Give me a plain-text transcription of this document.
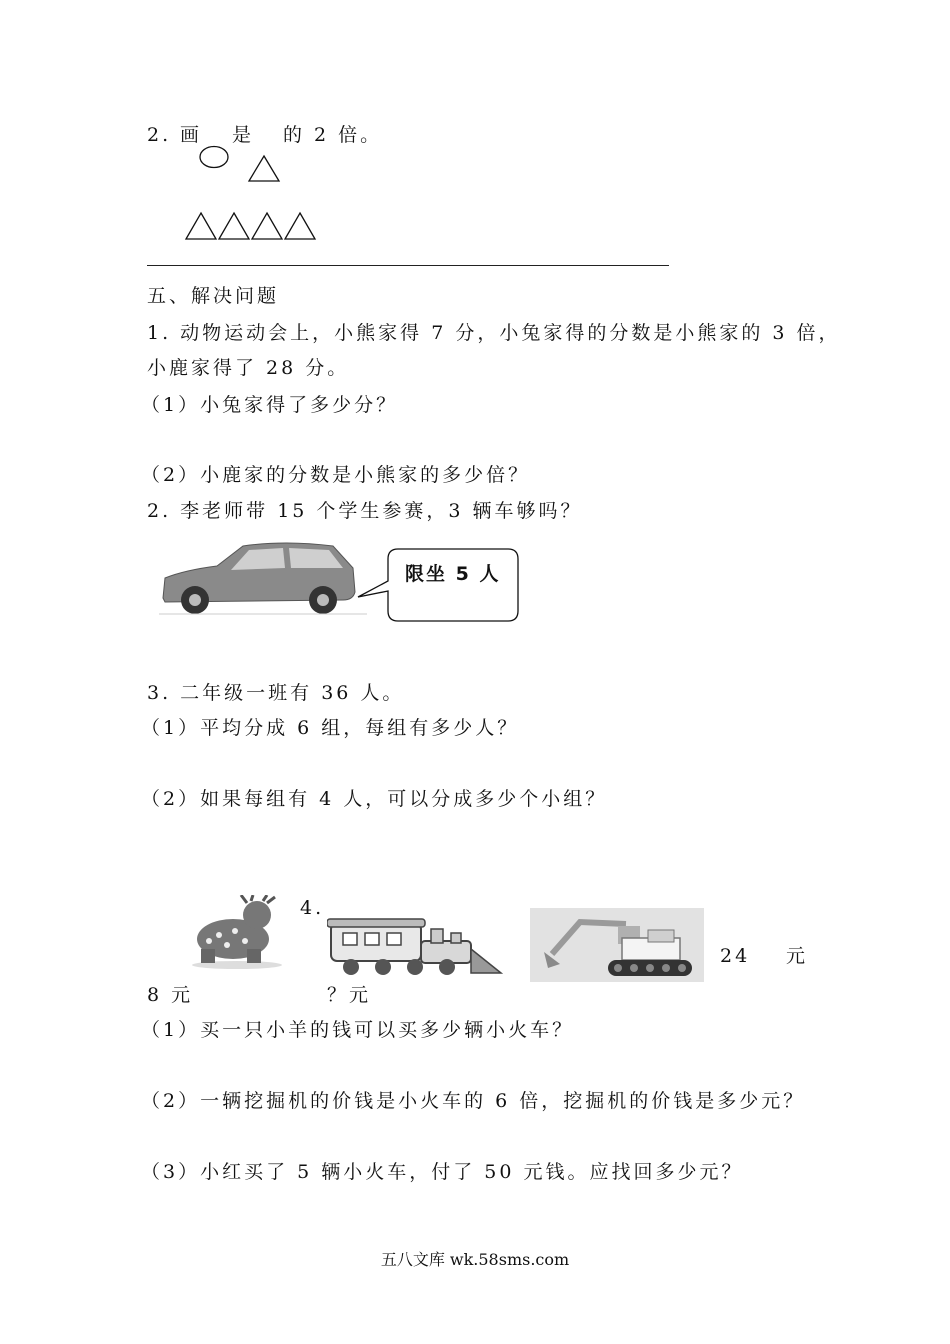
2. 画 是 的 2 倍。
五、解决问题
1. 动物运动会上，小熊家得 7 分，小兔家得的分数是小熊家的 3 倍，
小鹿家得了 28 分。
（1）小兔家得了多少分？
（2）小鹿家的分数是小熊家的多少倍？
2. 李老师带 15 个学生参赛，3 辆车够吗？
限坐 5 人
3. 二年级一班有 36 人。
（1）平均分成 6 组，每组有多少人？
（2）如果每组有 4 人，可以分成多少个小组？
4.
24 元
8 元	？元
（1）买一只小羊的钱可以买多少辆小火车？
（2）一辆挖掘机的价钱是小火车的 6 倍，挖掘机的价钱是多少元？
（3）小红买了 5 辆小火车，付了 50 元钱。应找回多少元？
五八文库 wk.58sms.com
